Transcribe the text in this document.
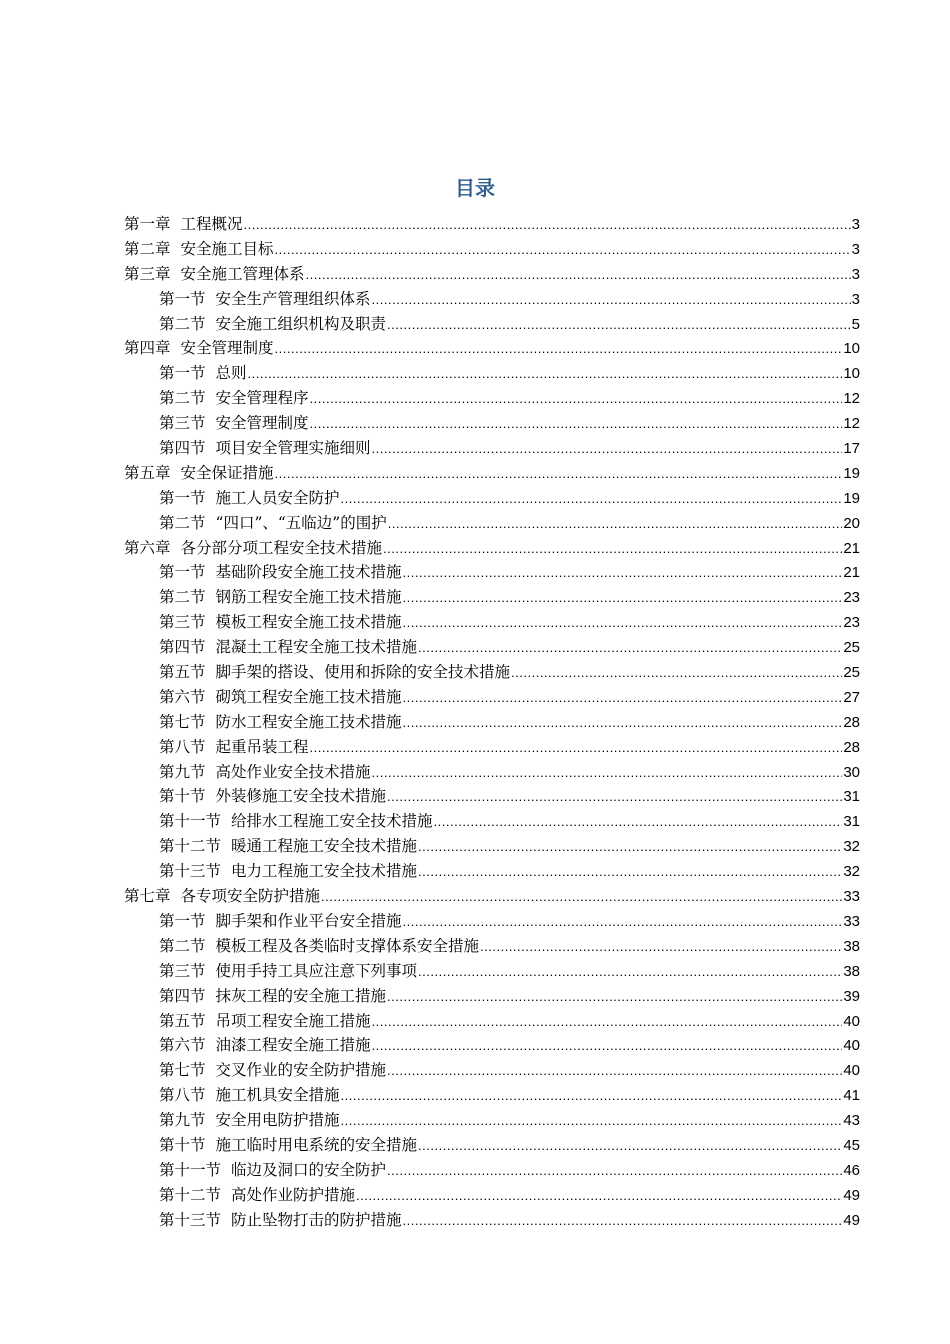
目录
第一章 工程概况 .....	3
第二章 安全施工目标 .....	3
第三章 安全施工管理体系 .....	3
第一节 安全生产管理组织体系 .....	3
第二节 安全施工组织机构及职责 .....	5
第四章 安全管理制度 .....	10
第一节 总则 .....	10
第二节 安全管理程序 .....	12
第三节 安全管理制度 .....	12
第四节 项目安全管理实施细则 .....	17
第五章 安全保证措施 .....	19
第一节 施工人员安全防护 .....	19
第二节 “四口”、“五临边”的围护 .....	20
第六章 各分部分项工程安全技术措施 .....	21
第一节 基础阶段安全施工技术措施 .....	21
第二节 钢筋工程安全施工技术措施 .....	23
第三节 模板工程安全施工技术措施 .....	23
第四节 混凝土工程安全施工技术措施 .....	25
第五节 脚手架的搭设、使用和拆除的安全技术措施 .....	25
第六节 砌筑工程安全施工技术措施 .....	27
第七节 防水工程安全施工技术措施 .....	28
第八节 起重吊装工程 .....	28
第九节 高处作业安全技术措施 .....	30
第十节 外装修施工安全技术措施 .....	31
第十一节 给排水工程施工安全技术措施 .....	31
第十二节 暖通工程施工安全技术措施 .....	32
第十三节 电力工程施工安全技术措施 .....	32
第七章 各专项安全防护措施 .....	33
第一节 脚手架和作业平台安全措施 .....	33
第二节 模板工程及各类临时支撑体系安全措施 .....	38
第三节 使用手持工具应注意下列事项 .....	38
第四节 抹灰工程的安全施工措施 .....	39
第五节 吊项工程安全施工措施 .....	40
第六节 油漆工程安全施工措施 .....	40
第七节 交叉作业的安全防护措施 .....	40
第八节 施工机具安全措施 .....	41
第九节 安全用电防护措施 .....	43
第十节 施工临时用电系统的安全措施 .....	45
第十一节 临边及洞口的安全防护 .....	46
第十二节 高处作业防护措施 .....	49
第十三节 防止坠物打击的防护措施 .....	49
